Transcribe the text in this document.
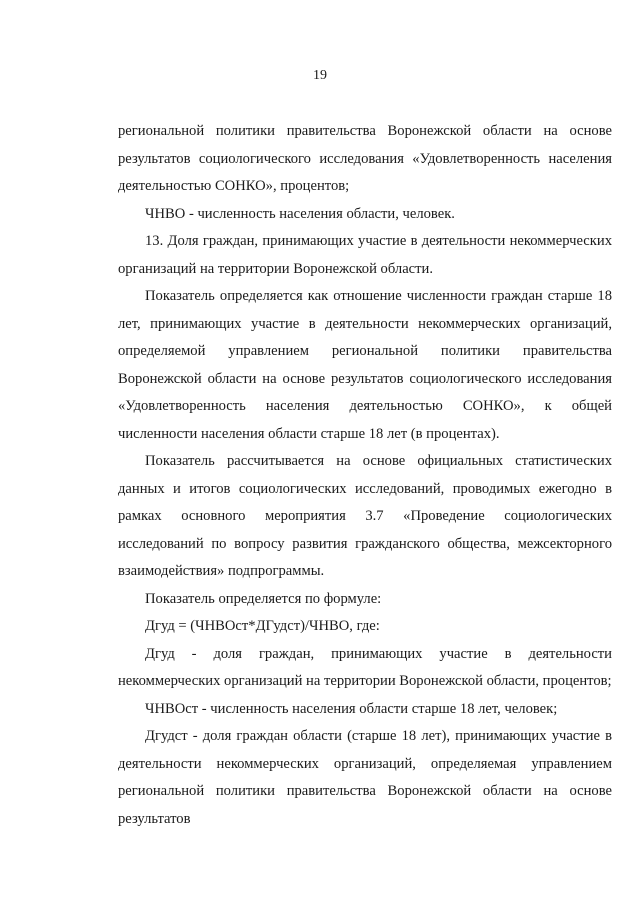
19

региональной политики правительства Воронежской области на основе результатов социологического исследования «Удовлетворенность населения деятельностью СОНКО», процентов;

ЧНВО - численность населения области, человек.

13. Доля граждан, принимающих участие в деятельности некоммерческих организаций на территории Воронежской области.

Показатель определяется как отношение численности граждан старше 18 лет, принимающих участие в деятельности некоммерческих организаций, определяемой управлением региональной политики правительства Воронежской области на основе результатов социологического исследования «Удовлетворенность населения деятельностью СОНКО», к общей численности населения области старше 18 лет (в процентах).

Показатель рассчитывается на основе официальных статистических данных и итогов социологических исследований, проводимых ежегодно в рамках основного мероприятия 3.7 «Проведение социологических исследований по вопросу развития гражданского общества, межсекторного взаимодействия» подпрограммы.

Показатель определяется по формуле:

Дгуд = (ЧНВОст*ДГудст)/ЧНВО, где:

Дгуд - доля граждан, принимающих участие в деятельности некоммерческих организаций на территории Воронежской области, процентов;

ЧНВОст - численность населения области старше 18 лет, человек;

Дгудст - доля граждан области (старше 18 лет), принимающих участие в деятельности некоммерческих организаций, определяемая управлением региональной политики правительства Воронежской области на основе результатов
